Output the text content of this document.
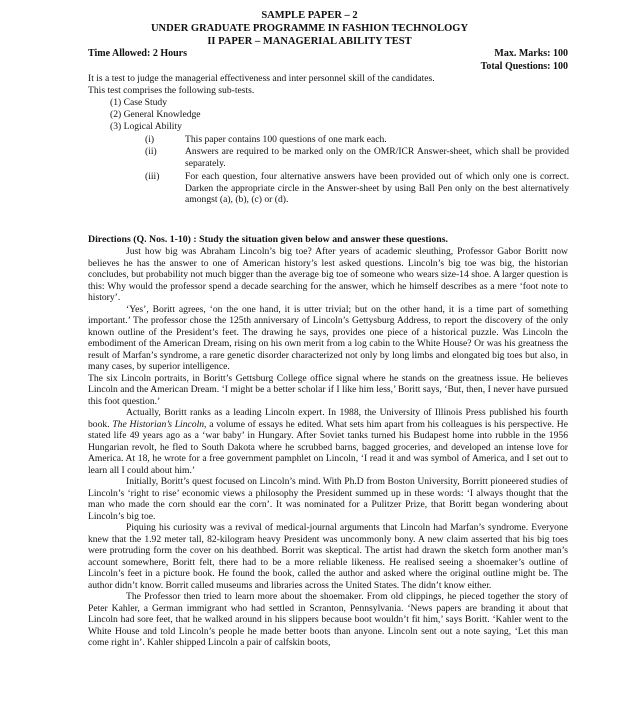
SAMPLE PAPER – 2
UNDER GRADUATE PROGRAMME IN FASHION TECHNOLOGY
II PAPER – MANAGERIAL ABILITY TEST
Time Allowed: 2 Hours	Max. Marks: 100
Total Questions: 100
It is a test to judge the managerial effectiveness and inter personnel skill of the candidates.
This test comprises the following sub-tests.
(1) Case Study
(2) General Knowledge
(3) Logical Ability
(i)	This paper contains 100 questions of one mark each.
(ii)	Answers are required to be marked only on the OMR/ICR Answer-sheet, which shall be provided separately.
(iii)	For each question, four alternative answers have been provided out of which only one is correct. Darken the appropriate circle in the Answer-sheet by using Ball Pen only on the best alternatively amongst (a), (b), (c) or (d).
Directions (Q. Nos. 1-10) : Study the situation given below and answer these questions.

Just how big was Abraham Lincoln’s big toe? After years of academic sleuthing, Professor Gabor Boritt now believes he has the answer to one of American history’s lest asked questions. Lincoln’s big toe was big, the historian concludes, but probability not much bigger than the average big toe of someone who wears size-14 shoe. A larger question is this: Why would the professor spend a decade searching for the answer, which he himself describes as a mere ‘foot note to history’.

‘Yes’, Boritt agrees, ‘on the one hand, it is utter trivial; but on the other hand, it is a time part of something important.’ The professor chose the 125th anniversary of Lincoln’s Gettysburg Address, to report the discovery of the only known outline of the President’s feet. The drawing he says, provides one piece of a historical puzzle. Was Lincoln the embodiment of the American Dream, rising on his own merit from a log cabin to the White House? Or was his greatness the result of Marfan’s syndrome, a rare genetic disorder characterized not only by long limbs and elongated big toes but also, in many cases, by superior intelligence.

The six Lincoln portraits, in Boritt’s Gettsburg College office signal where he stands on the greatness issue. He believes Lincoln and the American Dream. ‘I might be a better scholar if I like him less,’ Boritt says, ‘But, then, I never have pursued this foot question.’

Actually, Boritt ranks as a leading Lincoln expert. In 1988, the University of Illinois Press published his fourth book. The Historian’s Lincoln, a volume of essays he edited. What sets him apart from his colleagues is his perspective. He stated life 49 years ago as a ‘war baby’ in Hungary. After Soviet tanks turned his Budapest home into rubble in the 1956 Hungarian revolt, he fled to South Dakota where he scrubbed barns, bagged groceries, and developed an intense love for America. At 18, he wrote for a free government pamphlet on Lincoln, ‘I read it and was symbol of America, and I set out to learn all I could about him.’

Initially, Boritt’s quest focused on Lincoln’s mind. With Ph.D from Boston University, Borritt pioneered studies of Lincoln’s ‘right to rise’ economic views a philosophy the President summed up in these words: ‘I always thought that the man who made the corn should ear the corn’. It was nominated for a Pulitzer Prize, that Boritt began wondering about Lincoln’s big toe.

Piquing his curiosity was a revival of medical-journal arguments that Lincoln had Marfan’s syndrome. Everyone knew that the 1.92 meter tall, 82-kilogram heavy President was uncommonly bony. A new claim asserted that his big toes were protruding form the cover on his deathbed. Borrit was skeptical. The artist had drawn the sketch form another man’s account somewhere, Boritt felt, there had to be a more reliable likeness. He realised seeing a shoemaker’s outline of Lincoln’s feet in a picture book. He found the book, called the author and asked where the original outline might be. The author didn’t know. Borrit called museums and libraries across the United States. The didn’t know either.

The Professor then tried to learn more about the shoemaker. From old clippings, he pieced together the story of Peter Kahler, a German immigrant who had settled in Scranton, Pennsylvania. ‘News papers are branding it about that Lincoln had sore feet, that he walked around in his slippers because boot wouldn’t fit him,’ says Boritt. ‘Kahler went to the White House and told Lincoln’s people he made better boots than anyone. Lincoln sent out a note saying, ‘Let this man come right in’. Kahler shipped Lincoln a pair of calfskin boots,
